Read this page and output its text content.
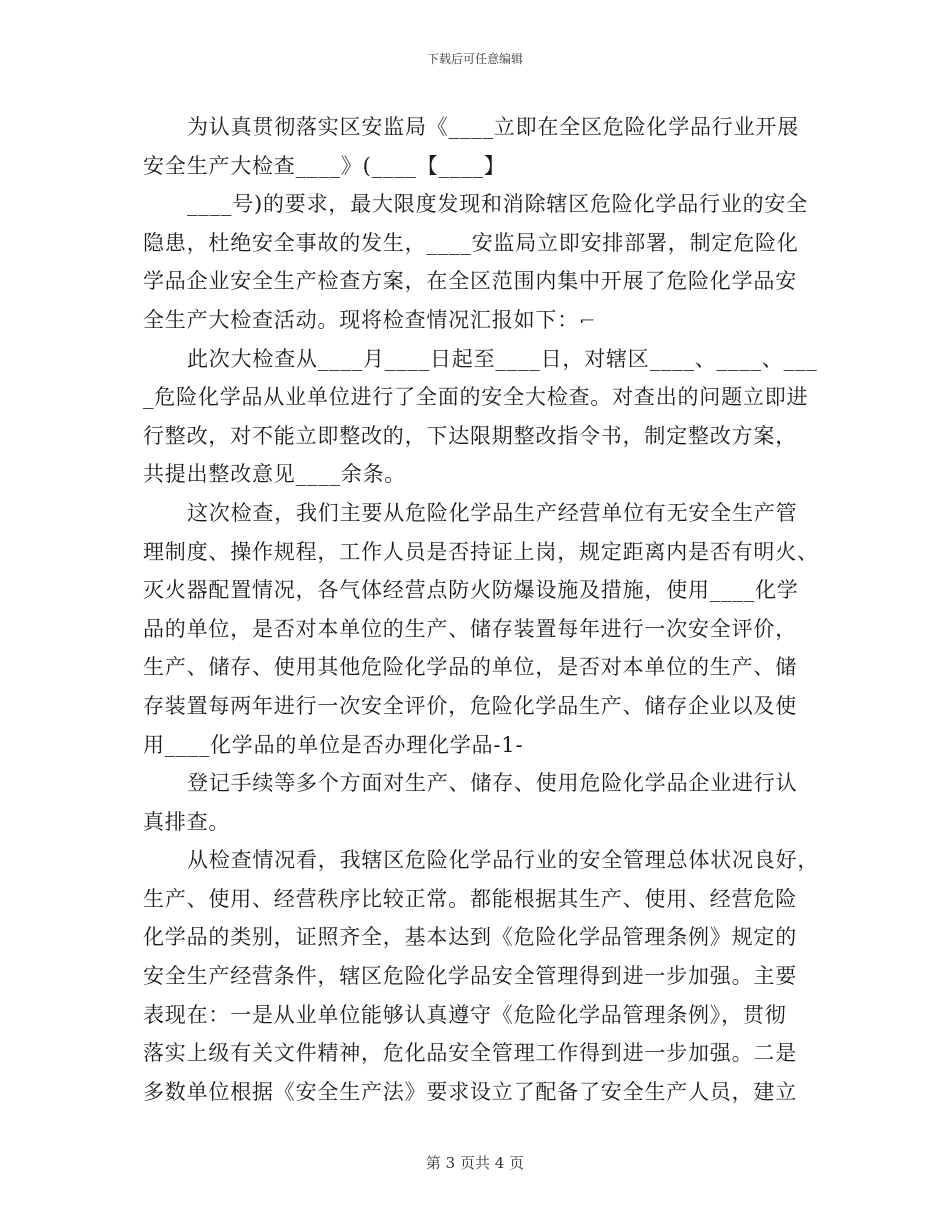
下载后可任意编辑
为认真贯彻落实区安监局《____立即在全区危险化学品行业开展
安全生产大检查____》(____【____】
____号)的要求，最大限度发现和消除辖区危险化学品行业的安全
隐患，杜绝安全事故的发生，____安监局立即安排部署，制定危险化
学品企业安全生产检查方案，在全区范围内集中开展了危险化学品安
全生产大检查活动。现将检查情况汇报如下：⌐
此次大检查从____月____日起至____日，对辖区____、____、___
_危险化学品从业单位进行了全面的安全大检查。对查出的问题立即进
行整改，对不能立即整改的，下达限期整改指令书，制定整改方案，
共提出整改意见____余条。
这次检查，我们主要从危险化学品生产经营单位有无安全生产管
理制度、操作规程，工作人员是否持证上岗，规定距离内是否有明火、
灭火器配置情况，各气体经营点防火防爆设施及措施，使用____化学
品的单位，是否对本单位的生产、储存装置每年进行一次安全评价，
生产、储存、使用其他危险化学品的单位，是否对本单位的生产、储
存装置每两年进行一次安全评价，危险化学品生产、储存企业以及使
用____化学品的单位是否办理化学品-1-
登记手续等多个方面对生产、储存、使用危险化学品企业进行认
真排查。
从检查情况看，我辖区危险化学品行业的安全管理总体状况良好，
生产、使用、经营秩序比较正常。都能根据其生产、使用、经营危险
化学品的类别，证照齐全，基本达到《危险化学品管理条例》规定的
安全生产经营条件，辖区危险化学品安全管理得到进一步加强。主要
表现在：一是从业单位能够认真遵守《危险化学品管理条例》，贯彻
落实上级有关文件精神，危化品安全管理工作得到进一步加强。二是
多数单位根据《安全生产法》要求设立了配备了安全生产人员，建立
第 3 页共 4 页
